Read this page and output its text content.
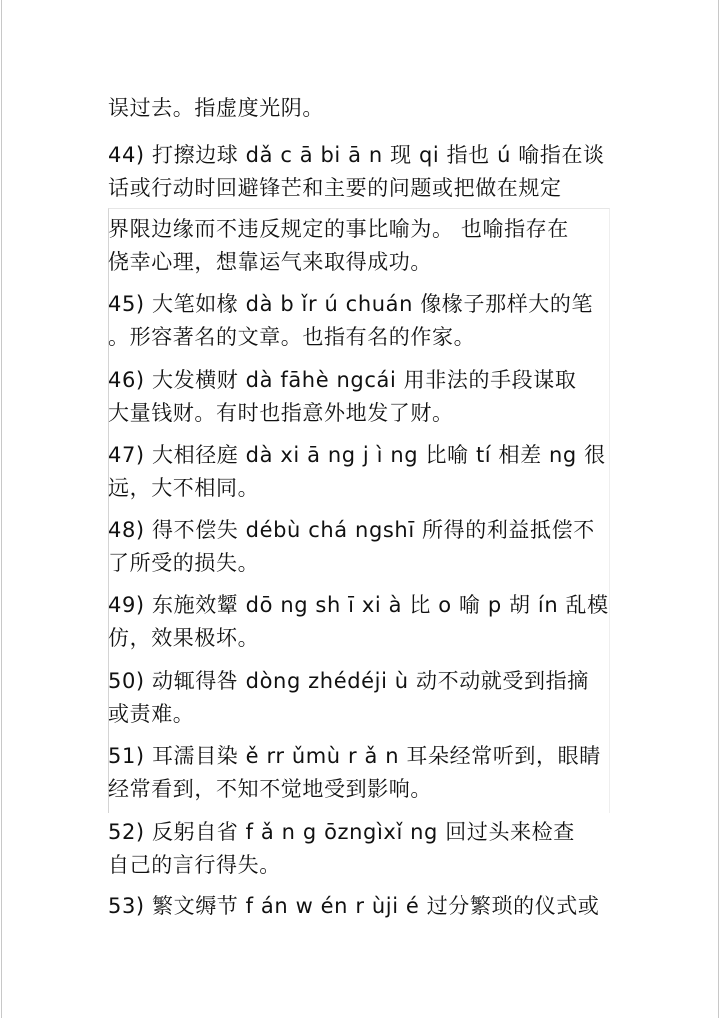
误过去。指虚度光阴。
44) 打擦边球 dǎ c ā bi ā n 现 qi 指也 ú 喻指在谈
话或行动时回避锋芒和主要的问题或把做在规定
界限边缘而不违反规定的事比喻为。 也喻指存在
侥幸心理，想靠运气来取得成功。
45) 大笔如椽 dà b ǐr ú chuán 像椽子那样大的笔
。形容著名的文章。也指有名的作家。
46) 大发横财 dà fāhè ngcái 用非法的手段谋取
大量钱财。有时也指意外地发了财。
47) 大相径庭 dà xi ā ng j ì ng 比喻 tí 相差 ng 很
远，大不相同。
48) 得不偿失 débù chá ngshī 所得的利益抵偿不
了所受的损失。
49) 东施效颦 dō ng sh ī xi à 比 o 喻 p 胡 ín 乱模
仿，效果极坏。
50) 动辄得咎 dòng zhédéji ù 动不动就受到指摘
或责难。
51) 耳濡目染 ě rr ǔmù r ǎ n 耳朵经常听到，眼睛
经常看到，不知不觉地受到影响。
52) 反躬自省 f ǎ n g ōzngìxǐ ng 回过头来检查
自己的言行得失。
53) 繁文缛节 f án w én r ùji é 过分繁琐的仪式或
